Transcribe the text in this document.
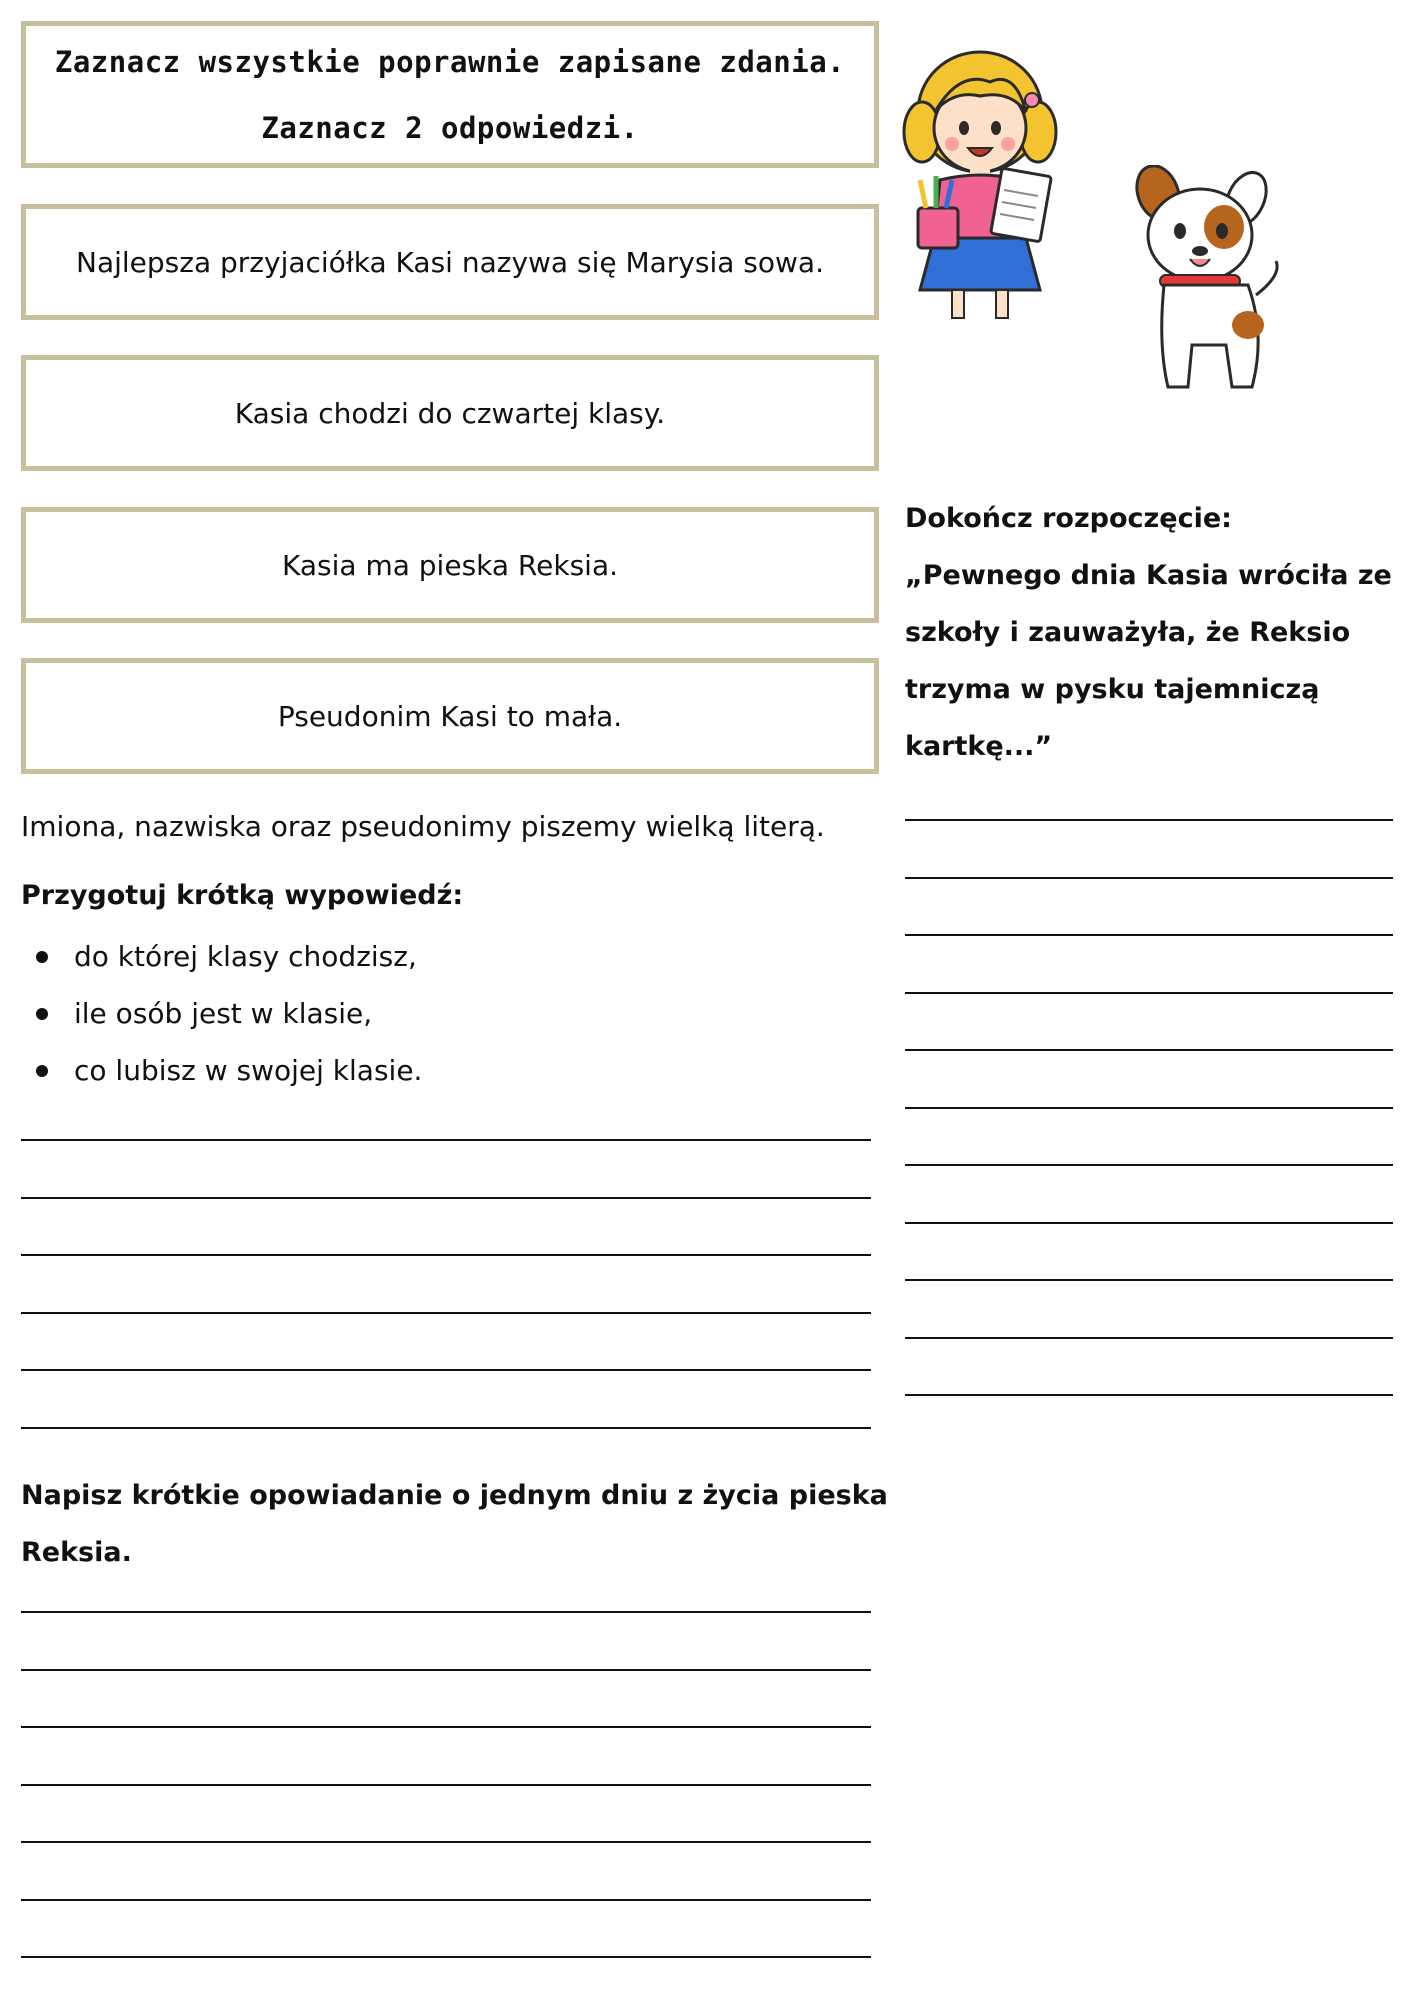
Zaznacz wszystkie poprawnie zapisane zdania.
Zaznacz 2 odpowiedzi.
Najlepsza przyjaciółka Kasi nazywa się Marysia sowa.
Kasia chodzi do czwartej klasy.
Kasia ma pieska Reksia.
Pseudonim Kasi to mała.
Imiona, nazwiska oraz pseudonimy piszemy wielką literą.
Przygotuj krótką wypowiedź:
do której klasy chodzisz,
ile osób jest w klasie,
co lubisz w swojej klasie.
Napisz krótkie opowiadanie o jednym dniu z życia pieska
Reksia.
Dokończ rozpoczęcie:
„Pewnego dnia Kasia wróciła ze
szkoły i zauważyła, że Reksio
trzyma w pysku tajemniczą
kartkę...”
